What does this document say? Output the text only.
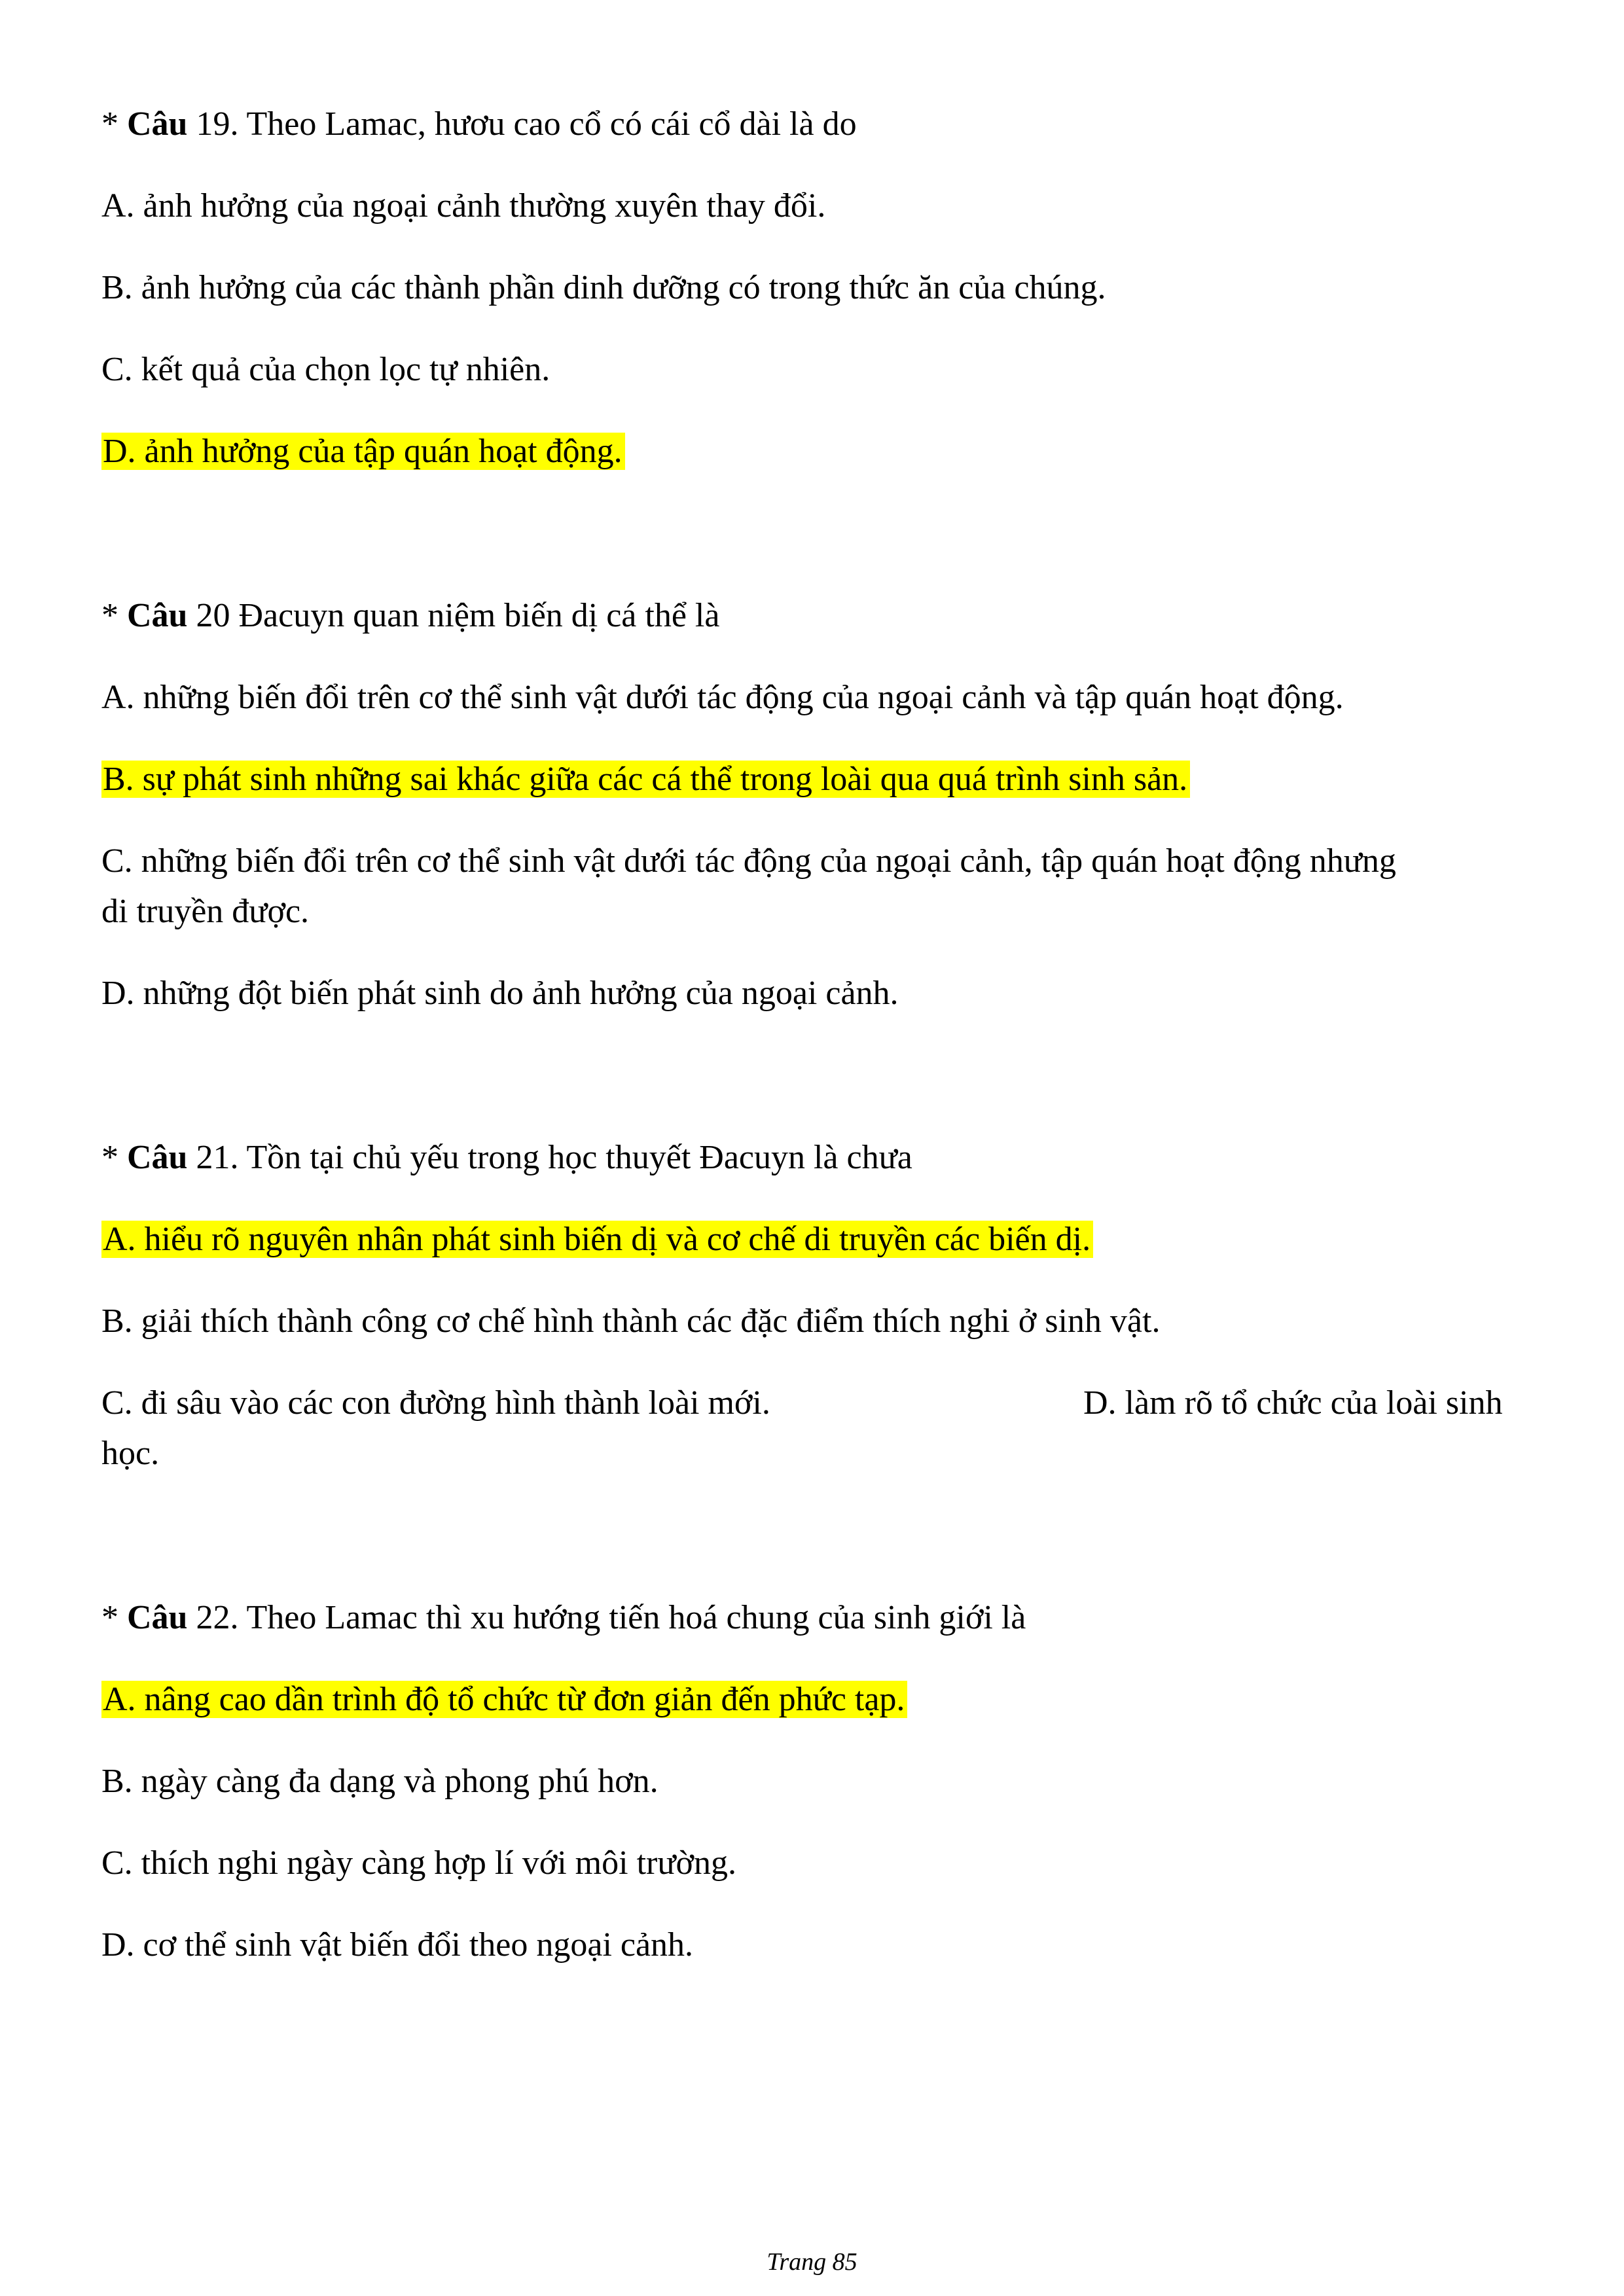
* Câu 19. Theo Lamac, hươu cao cổ có cái cổ dài là do
A. ảnh hưởng của ngoại cảnh thường xuyên thay đổi.
B. ảnh hưởng của các thành phần dinh dưỡng có trong thức ăn của chúng.
C. kết quả của chọn lọc tự nhiên.
D. ảnh hưởng của tập quán hoạt động.
* Câu 20 Đacuyn quan niệm biến dị cá thể là
A. những biến đổi trên cơ thể sinh vật dưới tác động của ngoại cảnh và tập quán hoạt động.
B. sự phát sinh những sai khác giữa các cá thể trong loài qua quá trình sinh sản.
C. những biến đổi trên cơ thể sinh vật dưới tác động của ngoại cảnh, tập quán hoạt động nhưng
di truyền được.
D. những đột biến phát sinh do ảnh hưởng của ngoại cảnh.
* Câu 21. Tồn tại chủ yếu trong học thuyết Đacuyn là chưa
A. hiểu rõ nguyên nhân phát sinh biến dị và cơ chế di truyền các biến dị.
B. giải thích thành công cơ chế hình thành các đặc điểm thích nghi ở sinh vật.
C. đi sâu vào các con đường hình thành loài mới.	D. làm rõ tổ chức của loài sinh
học.
* Câu 22. Theo Lamac thì xu hướng tiến hoá chung của sinh giới là
A. nâng cao dần trình độ tổ chức từ đơn giản đến phức tạp.
B. ngày càng đa dạng và phong phú hơn.
C. thích nghi ngày càng hợp lí với môi trường.
D. cơ thể sinh vật biến đổi theo ngoại cảnh.
Trang 85
